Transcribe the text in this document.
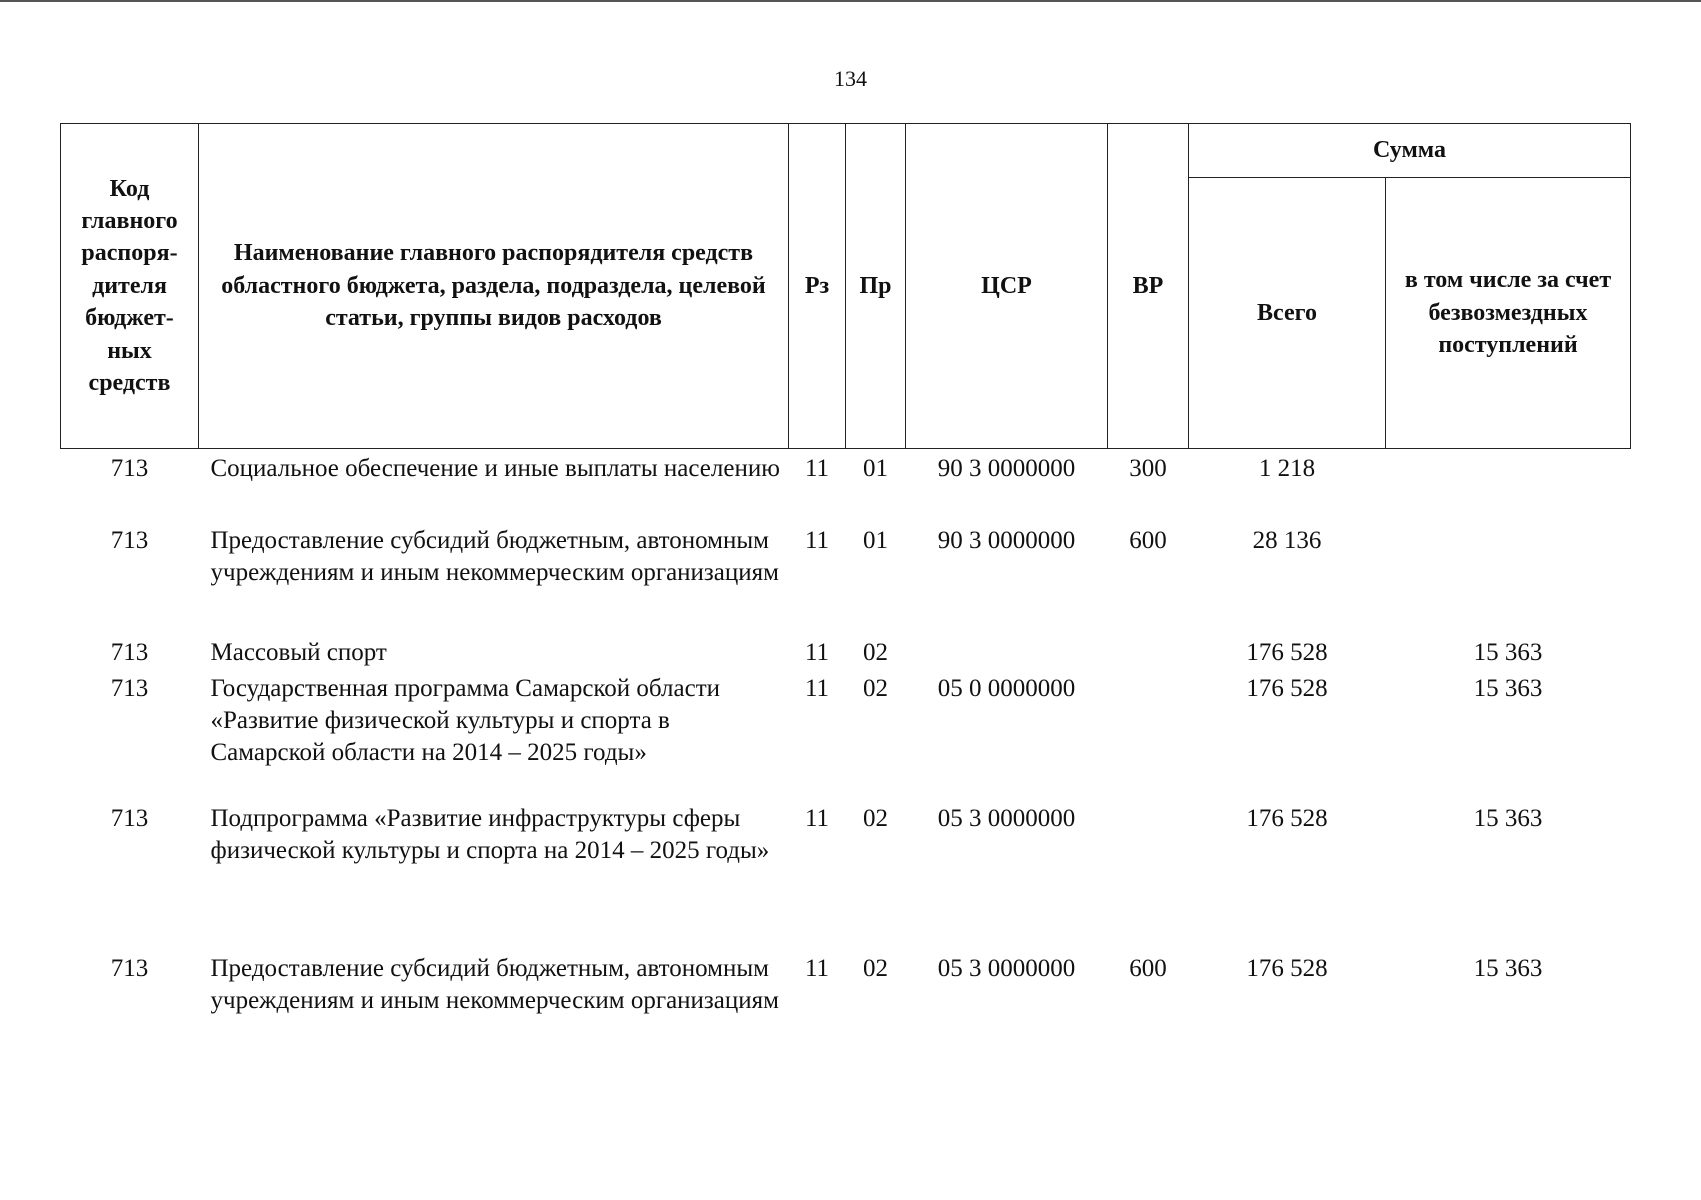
134
Код главного распоря-дителя бюджет-ных средств	Наименование главного распорядителя средств областного бюджета, раздела, подраздела, целевой статьи, группы видов расходов	Рз	Пр	ЦСР	ВР	Сумма	
						Всего	в том числе за счет безвозмездных поступлений
713	Социальное обеспечение и иные выплаты населению	11	01	90 3 0000000	300	1 218	
713	Предоставление субсидий бюджетным, автономным учреждениям и иным некоммерческим организациям	11	01	90 3 0000000	600	28 136	
713	Массовый спорт	11	02			176 528	15 363
713	Государственная программа Самарской области «Развитие физической культуры и спорта в Самарской области на 2014 – 2025 годы»	11	02	05 0 0000000		176 528	15 363
713	Подпрограмма «Развитие инфраструктуры сферы физической культуры и спорта на 2014 – 2025 годы»	11	02	05 3 0000000		176 528	15 363
713	Предоставление субсидий бюджетным, автономным учреждениям и иным некоммерческим организациям	11	02	05 3 0000000	600	176 528	15 363
